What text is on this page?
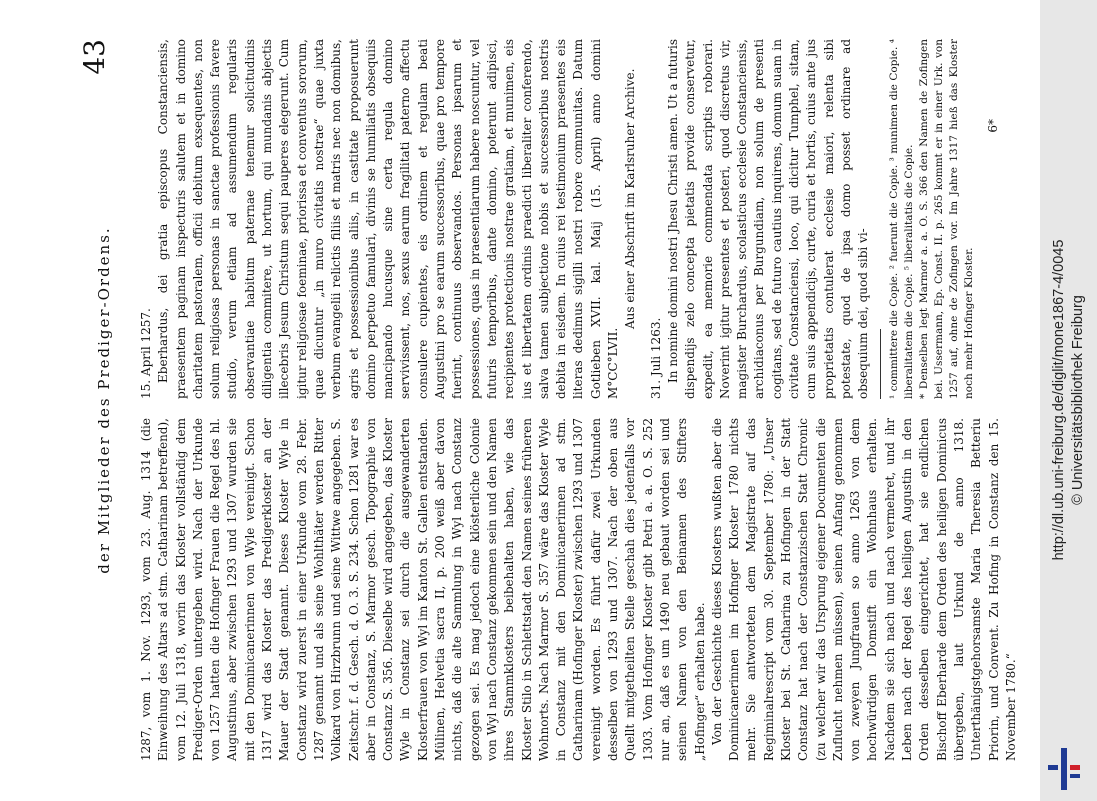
der Mitglieder des Prediger-Ordens.
43

1287, vom 1. Nov. 1293, vom 23. Aug. 1314 (die Einweihung des Altars ad stm. Catharinam betreffend), vom 12. Juli 1318, worin das Kloster vollständig dem Prediger-Orden untergeben wird. Nach der Urkunde von 1257 hatten die Hofinger Frauen die Regel des hl. Augustinus, aber zwischen 1293 und 1307 wurden sie mit den Dominicanerinnen von Wyle vereinigt. Schon 1317 wird das Kloster das Predigerkloster an der Mauer der Stadt genannt. Dieses Kloster Wyle in Constanz wird zuerst in einer Urkunde vom 28. Febr. 1287 genannt und als seine Wohlthäter werden Ritter Volkard von Hirzbrunn und seine Wittwe angegeben. S. Zeitschr. f. d. Gesch. d. O. 3. S. 234. Schon 1281 war es aber in Constanz, S. Marmor gesch. Topographie von Constanz S. 356. Dieselbe wird angegeben, das Kloster Wyle in Constanz sei durch die ausgewanderten Klosterfrauen von Wyl im Kanton St. Gallen entstanden. Mülinen, Helvetia sacra II, p. 200 weiß aber davon nichts, daß die alte Sammlung in Wyl nach Constanz gezogen sei. Es mag jedoch eine klösterliche Colonie von Wyl nach Constanz gekommen sein und den Namen ihres Stammklosters beibehalten haben, wie das Kloster Stilo in Schlettstadt den Namen seines früheren Wohnorts. Nach Marmor S. 357 wäre das Kloster Wyle in Constanz mit den Dominicanerinnen ad stm. Catharinam (Hofinger Kloster) zwischen 1293 und 1307 vereinigt worden. Es führt dafür zwei Urkunden desselben von 1293 und 1307. Nach der oben aus Quellt mitgetheilten Stelle geschah dies jedenfalls vor 1303. Vom Hofinger Kloster gibt Petri a. a. O. S. 252 nur an, daß es um 1490 neu gebaut worden sei und seinen Namen von den Beinamen des Stifters „Hofinger“ erhalten habe. Von der Geschichte dieses Klosters wußten aber die Dominicanerinnen im Hofinger Kloster 1780 nichts mehr. Sie antworteten dem Magistrate auf das Regiminalrescript vom 30. September 1780: „Unser Kloster bei St. Catharina zu Hofingen in der Statt Constanz hat nach der Constanzischen Statt Chronic (zu welcher wir das Ursprung eigener Documenten die Zuflucht nehmen müssen), seinen Anfang genommen von zweyen Jungfrauen so anno 1263 von dem hochwürdigen Domstift ein Wohnhaus erhalten. Nachdem sie sich nach und nach vermehret, und ihr Leben nach der Regel des heiligen Augustin in den Orden desselben eingerichtet, hat sie endlichen Bischoff Eberharde dem Orden des heiligen Dominicus übergeben, laut Urkund de anno 1318. Unterthänigstgehorsamste Maria Theresia Betteriu Priorin, und Convent. Zu Hofing in Constanz den 15. November 1780.“

15. April 1257. Eberhardus, dei gratia episcopus Constanciensis, praesentem paginam inspecturis salutem et in domino charitatem pastoralem, officii debitum exsequentes, non solum religiosas personas in sanctae professionis favere studio, verum etiam ad assumendum regularis observantiae habitum paternae tenemur solicitudinis diligentia commitere, ut hortum, qui mundanis abjectis illecebris Jesum Christum sequi pauperes elegerunt. Cum igitur religiosae foeminae, priorissa et conventus sororum, quae dicuntur „in muro civitatis nostrae“ quae juxta verbum evangelii relictis filiis et matris nec non domibus, agris et possessionibus aliis, in castitate proposuerunt domino perpetuo famulari, divinis se humiliatis obsequiis mancipando hucusque sine certa regula domino servivissent, nos, sexus earum fragilitati paterno affectu consulere cupientes, eis ordinem et regulam beati Augustini pro se earum successoribus, quae pro tempore fuerint, continuus observandos. Personas ipsarum et possessiones, quas in praesentiarum habere noscuntur, vel futuris temporibus, dante domino, poterunt adipisci, recipientes protectionis nostrae gratiam, et munimen, eis ius et libertatem ordinis praedicti liberaliter conferendo, salva tamen subjectione nobis et successoribus nostris debita in eisdem. In cuius rei testimonium praesentes eis literas dedimus sigilli nostri robore communitas. Datum Gotlieben XVII. kal. Maij (15. April) anno domini M°CC°LVII.

Aus einer Abschrift im Karlsruher Archive.

31. Juli 1263. In nomine domini nostri Jhesu Christi amen. Ut a futuris dispendijs zelo concepta pietatis provide conservetur, expedit, ea memorie commendata scriptis roborari. Noverint igitur presentes et posteri, quod discretus vir, magister Burchardus, scolasticus ecclesie Constanciensis, archidiaconus per Burgundiam, non solum de presenti cogitans, sed de futuro cautius inquirens, domum suam in civitate Constanciensi, loco, qui dicitur Tumphel, sitam, cum suis appendicijs, curte, curia et hortis, cuius ante jus proprietatis contulerat ecclesie maiori, relenta sibi potestate, quod de ipsa domo posset ordinare ad obsequium dei, quod sibi vi- ¹ committere die Copie. ² fuerunt die Copie. ³ munimen die Copie. ⁴ liberalitatem die Copie. ⁵ liberalitatis die Copie. * Denselben legt Marmor a. a. O. S. 366 den Namen de Zofingen bei. Ussermann, Ep. Const. II. p. 265 kommt er in einer Urk. von 1257 auf, ohne de Zofingen vor. Im Jahre 1317 hieß das Kloster noch mehr Hofinger Kloster.

6*
http://dl.ub.uni-freiburg.de/diglit/mone1867-4/0045 © Universitätsbibliothek Freiburg
